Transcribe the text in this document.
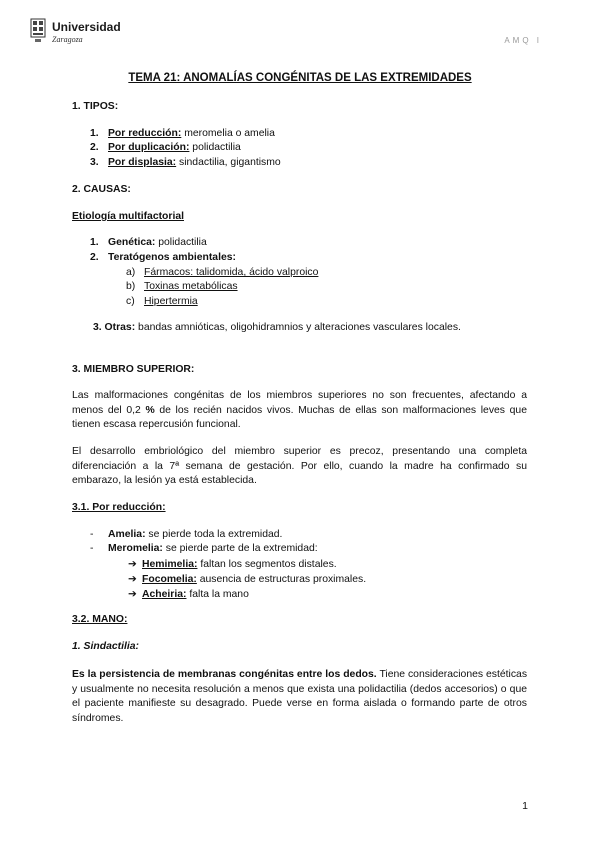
Universidad
Zaragoza	AMQ I
TEMA 21: ANOMALÍAS CONGÉNITAS DE LAS EXTREMIDADES
1. TIPOS:
1. Por reducción: meromelia o amelia
2. Por duplicación: polidactilia
3. Por displasia: sindactilia, gigantismo
2. CAUSAS:
Etiología multifactorial
1. Genética: polidactilia
2. Teratógenos ambientales:
a) Fármacos: talidomida, ácido valproico
b) Toxinas metabólicas
c) Hipertermia
3. Otras: bandas amnióticas, oligohidramnios y alteraciones vasculares locales.
3. MIEMBRO SUPERIOR:
Las malformaciones congénitas de los miembros superiores no son frecuentes, afectando a menos del 0,2 % de los recién nacidos vivos. Muchas de ellas son malformaciones leves que tienen escasa repercusión funcional.
El desarrollo embriológico del miembro superior es precoz, presentando una completa diferenciación a la 7ª semana de gestación. Por ello, cuando la madre ha confirmado su embarazo, la lesión ya está establecida.
3.1. Por reducción:
- Amelia: se pierde toda la extremidad.
- Meromelia: se pierde parte de la extremidad:
➔ Hemimelia: faltan los segmentos distales.
➔ Focomelia: ausencia de estructuras proximales.
➔ Acheiria: falta la mano
3.2. MANO:
1. Sindactilia:
Es la persistencia de membranas congénitas entre los dedos. Tiene consideraciones estéticas y usualmente no necesita resolución a menos que exista una polidactilia (dedos accesorios) o que el paciente manifieste su desagrado. Puede verse en forma aislada o formando parte de otros síndromes.
1
